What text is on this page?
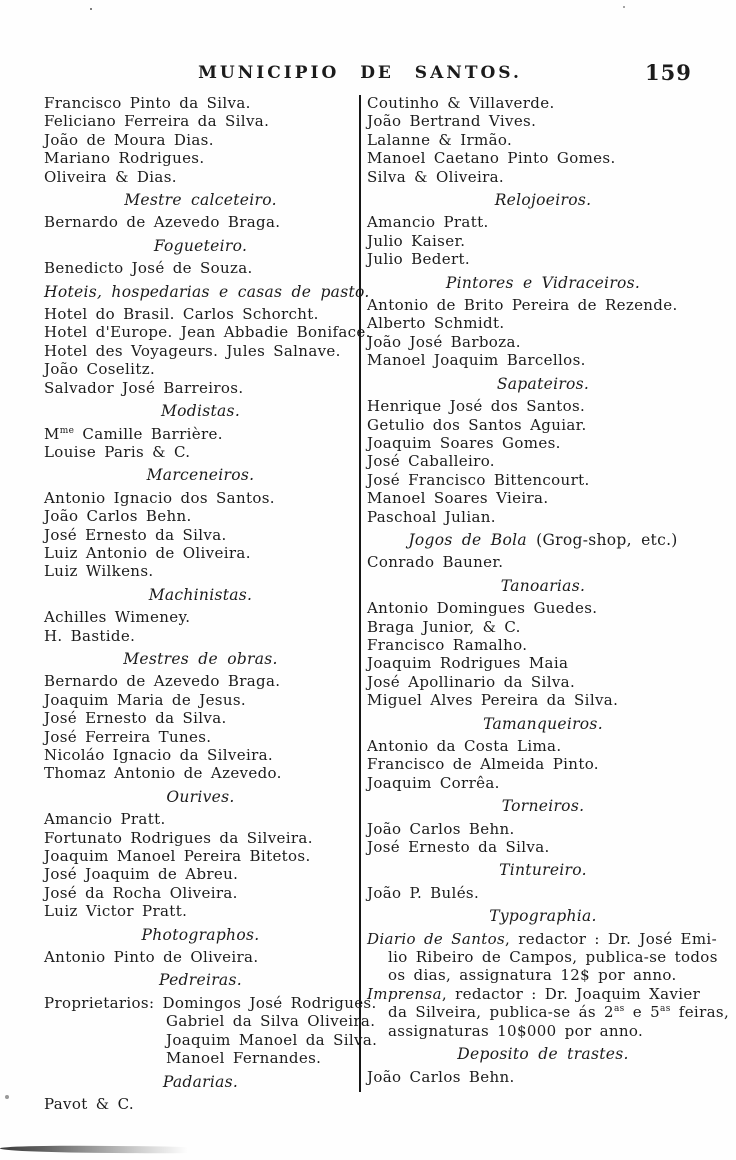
MUNICIPIO DE SANTOS.	159
Francisco Pinto da Silva.
Feliciano Ferreira da Silva.
João de Moura Dias.
Mariano Rodrigues.
Oliveira & Dias.
Mestre calceteiro.
Bernardo de Azevedo Braga.
Fogueteiro.
Benedicto José de Souza.
Hoteis, hospedarias e casas de pasto.
Hotel do Brasil. Carlos Schorcht.
Hotel d'Europe. Jean Abbadie Boniface.
Hotel des Voyageurs. Jules Salnave.
João Coselitz.
Salvador José Barreiros.
Modistas.
$M^{me}$ Camille Barrière.
Louise Paris & C.
Marceneiros.
Antonio Ignacio dos Santos.
João Carlos Behn.
José Ernesto da Silva.
Luiz Antonio de Oliveira.
Luiz Wilkens.
Machinistas.
Achilles Wimeney.
H. Bastide.
Mestres de obras.
Bernardo de Azevedo Braga.
Joaquim Maria de Jesus.
José Ernesto da Silva.
José Ferreira Tunes.
Nicoláo Ignacio da Silveira.
Thomaz Antonio de Azevedo.
Ourives.
Amancio Pratt.
Fortunato Rodrigues da Silveira.
Joaquim Manoel Pereira Bitetos.
José Joaquim de Abreu.
José da Rocha Oliveira.
Luiz Victor Pratt.
Photographos.
Antonio Pinto de Oliveira.
Pedreiras.
Proprietarios: Domingos José Rodrigues.
Gabriel da Silva Oliveira.
Joaquim Manoel da Silva.
Manoel Fernandes.
Padarias.
Pavot & C.
Coutinho & Villaverde.
João Bertrand Vives.
Lalanne & Irmão.
Manoel Caetano Pinto Gomes.
Silva & Oliveira.
Relojoeiros.
Amancio Pratt.
Julio Kaiser.
Julio Bedert.
Pintores e Vidraceiros.
Antonio de Brito Pereira de Rezende.
Alberto Schmidt.
João José Barboza.
Manoel Joaquim Barcellos.
Sapateiros.
Henrique José dos Santos.
Getulio dos Santos Aguiar.
Joaquim Soares Gomes.
José Caballeiro.
José Francisco Bittencourt.
Manoel Soares Vieira.
Paschoal Julian.
Jogos de Bola (Grog-shop, etc.)
Conrado Bauner.
Tanoarias.
Antonio Domingues Guedes.
Braga Junior, & C.
Francisco Ramalho.
Joaquim Rodrigues Maia
José Apollinario da Silva.
Miguel Alves Pereira da Silva.
Tamanqueiros.
Antonio da Costa Lima.
Francisco de Almeida Pinto.
Joaquim Corrêa.
Torneiros.
João Carlos Behn.
José Ernesto da Silva.
Tintureiro.
João P. Bulés.
Typographia.
Diario de Santos, redactor : Dr. José Emi-
lio Ribeiro de Campos, publica-se todos
os dias, assignatura 12$ por anno.
Imprensa, redactor : Dr. Joaquim Xavier
da Silveira, publica-se ás $2^{as}$ e $5^{as}$ feiras,
assignaturas 10$000 por anno.
Deposito de trastes.
João Carlos Behn.
